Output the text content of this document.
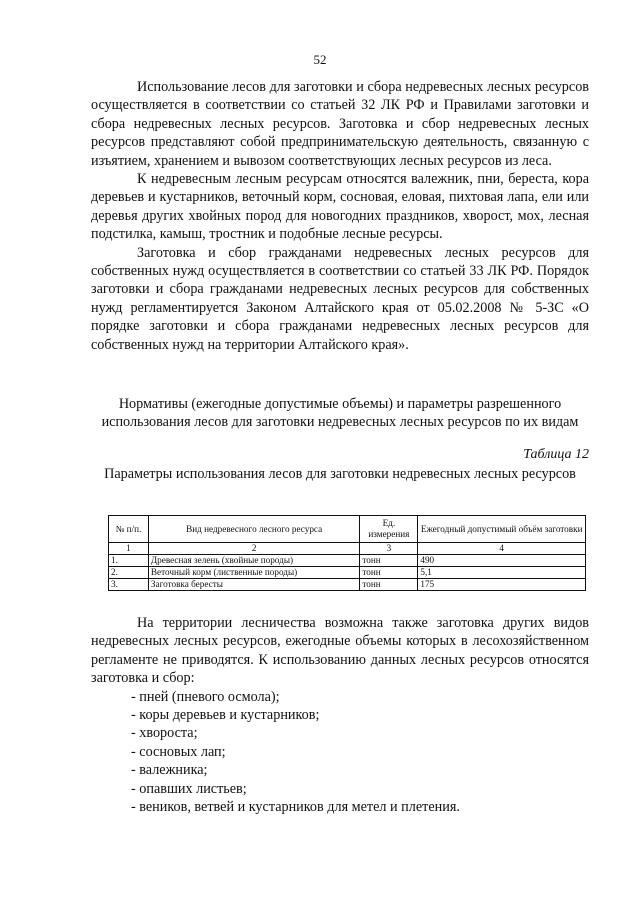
52

Использование лесов для заготовки и сбора недревесных лесных ресурсов осуществляется в соответствии со статьей 32 ЛК РФ и Правилами заготовки и сбора недревесных лесных ресурсов. Заготовка и сбор недревесных лесных ресурсов представляют собой предпринимательскую деятельность, связанную с изъятием, хранением и вывозом соответствующих лесных ресурсов из леса.

К недревесным лесным ресурсам относятся валежник, пни, береста, кора деревьев и кустарников, веточный корм, сосновая, еловая, пихтовая лапа, ели или деревья других хвойных пород для новогодних праздников, хворост, мох, лесная подстилка, камыш, тростник и подобные лесные ресурсы.

Заготовка и сбор гражданами недревесных лесных ресурсов для собственных нужд осуществляется в соответствии со статьей 33 ЛК РФ. Порядок заготовки и сбора гражданами недревесных лесных ресурсов для собственных нужд регламентируется Законом Алтайского края от 05.02.2008 № 5-ЗС «О порядке заготовки и сбора гражданами недревесных лесных ресурсов для собственных нужд на территории Алтайского края».

Нормативы (ежегодные допустимые объемы) и параметры разрешенного использования лесов для заготовки недревесных лесных ресурсов по их видам
Таблица 12
Параметры использования лесов для заготовки недревесных лесных ресурсов
№ п/п.	Вид недревесного лесного ресурса	Ед. измерения	Ежегодный допустимый объём заготовки
1	2	3	4
1.	Древесная зелень (хвойные породы)	тонн	490
2.	Веточный корм (лиственные породы)	тонн	5,1
3.	Заготовка бересты	тонн	175

На территории лесничества возможна также заготовка других видов недревесных лесных ресурсов, ежегодные объемы которых в лесохозяйственном регламенте не приводятся. К использованию данных лесных ресурсов относятся заготовка и сбор:

- пней (пневого осмола);
- коры деревьев и кустарников;
- хвороста;
- сосновых лап;
- валежника;
- опавших листьев;
- веников, ветвей и кустарников для метел и плетения.
